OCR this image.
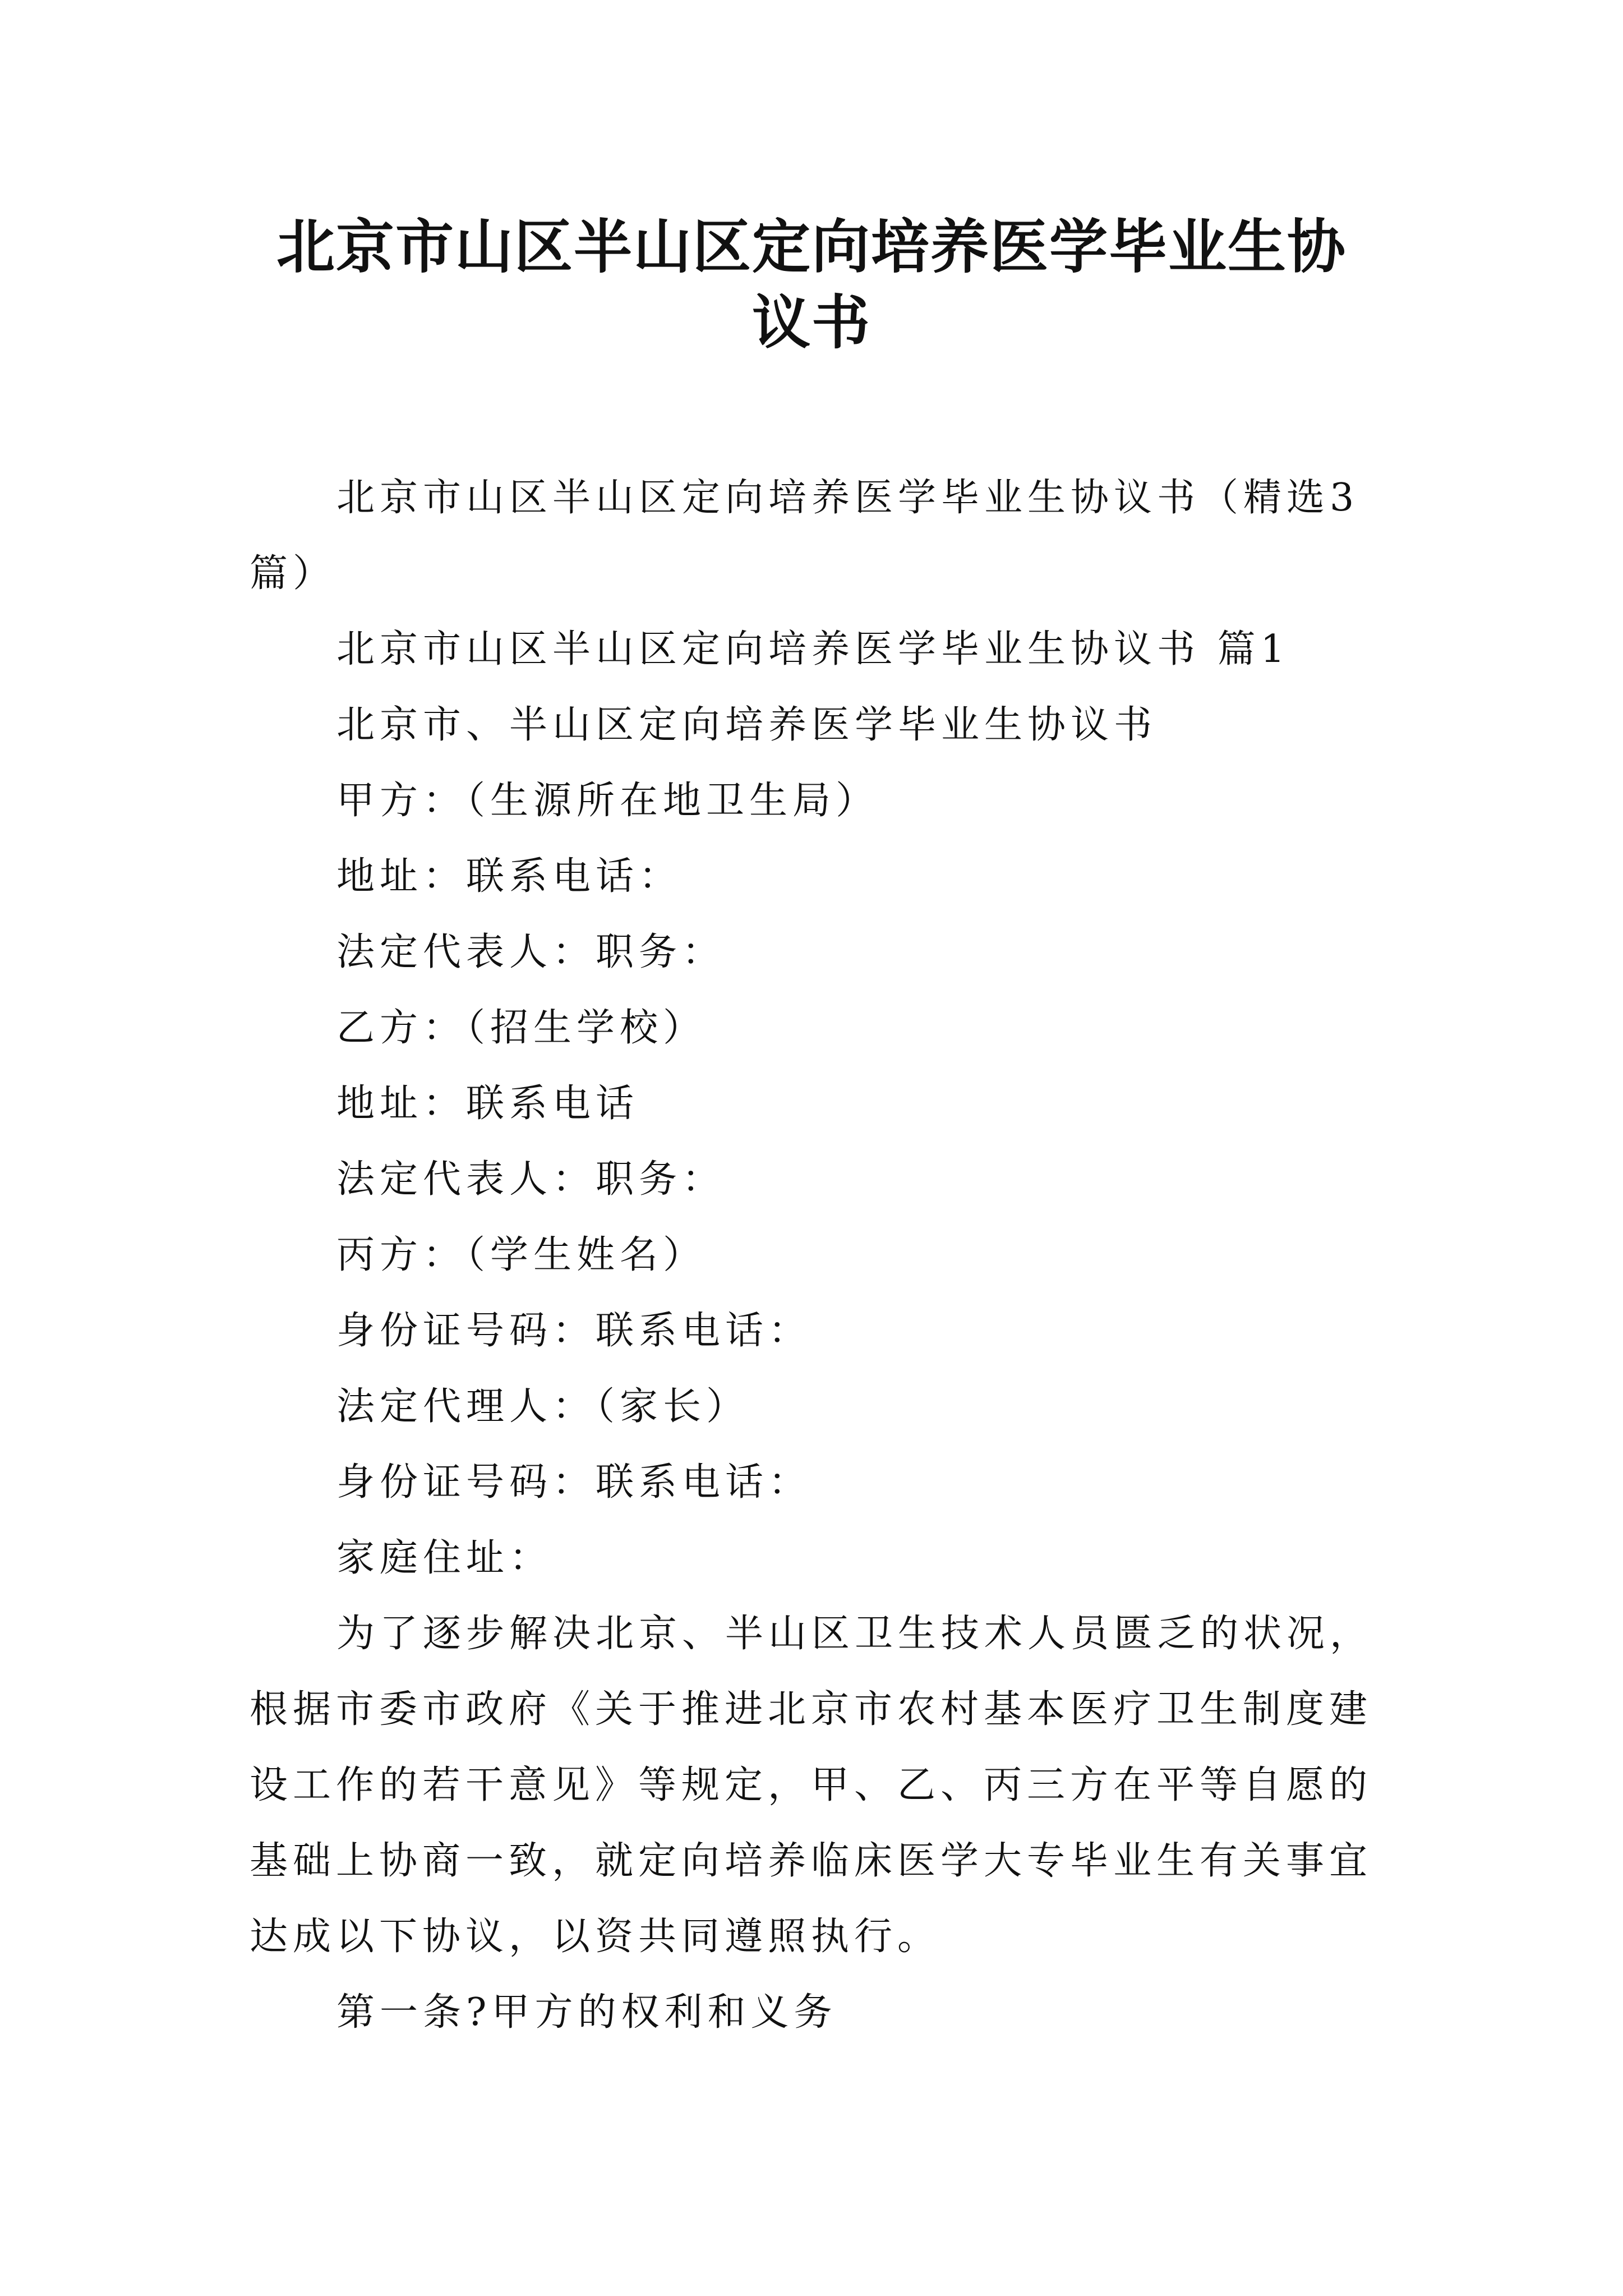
北京市山区半山区定向培养医学毕业生协
议书

北京市山区半山区定向培养医学毕业生协议书（精选3篇）

北京市山区半山区定向培养医学毕业生协议书 篇1

北京市、半山区定向培养医学毕业生协议书

甲方：（生源所在地卫生局）

地址：联系电话：

法定代表人：职务：

乙方：（招生学校）

地址：联系电话

法定代表人：职务：

丙方：（学生姓名）

身份证号码：联系电话：

法定代理人：（家长）

身份证号码：联系电话：

家庭住址：

为了逐步解决北京、半山区卫生技术人员匮乏的状况，根据市委市政府《关于推进北京市农村基本医疗卫生制度建设工作的若干意见》等规定，甲、乙、丙三方在平等自愿的基础上协商一致，就定向培养临床医学大专毕业生有关事宜达成以下协议，以资共同遵照执行。

第一条?甲方的权利和义务
